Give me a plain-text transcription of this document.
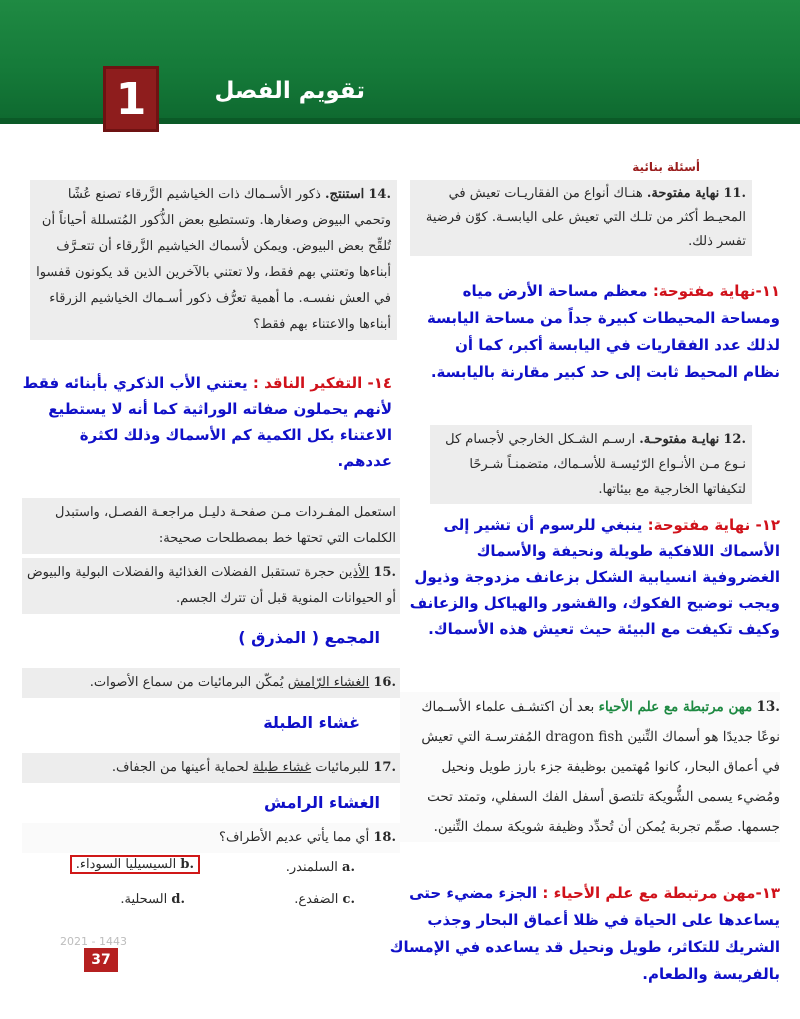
1	تقويم الفصل
أسئلة بنائية
11. نهاية مفتوحة. هنـاك أنواع من الفقاريـات تعيش في المحيـط أكثر من تلـك التي تعيش على اليابسـة. كوّن فرضية تفسر ذلك.
١١-نهاية مفتوحة: معظم مساحة الأرض مياه ومساحة المحيطات كبيرة جداً من مساحة اليابسة لذلك عدد الفقاريات في اليابسة أكبر، كما أن نظام المحيط ثابت إلى حد كبير مقارنة باليابسة.
12. نهايـة مفتوحـة. ارسـم الشـكل الخارجي لأجسام كل نـوع مـن الأنـواع الرّئيسـة للأسـماك، متضمنـاً شـرحًا لتكيفاتها الخارجية مع بيئاتها.
١٢- نهاية مفتوحة: ينبغي للرسوم أن تشير إلى الأسماك اللافكية طويلة ونحيفة والأسماك الغضروفية انسيابية الشكل بزعانف مزدوجة وذيول ويجب توضيح الفكوك، والقشور والهياكل والزعانف وكيف تكيفت مع البيئة حيث تعيش هذه الأسماك.
13. مهن مرتبطة مع علم الأحياء بعد أن اكتشـف علماء الأسـماك نوعًا جديدًا هو أسماك التِّنين dragon fish المُفترسـة التي تعيش في أعماق البحار، كانوا مُهتمين بوظيفة جزء بارز طويل ونحيل ومُضيء يسمى الشُّويكة تلتصق أسفل الفك السفلي، وتمتد تحت جسمها. صمِّم تجربة يُمكن أن تُحدِّد وظيفة شويكة سمك التِّنين.
١٣-مهن مرتبطة مع علم الأحياء : الجزء مضيء حتى يساعدها على الحياة في ظلا أعماق البحار وجذب الشريك للتكاثر، طويل ونحيل قد يساعده في الإمساك بالفريسة والطعام.
14. استنتج. ذكور الأسـماك ذات الخياشيم الزَّرقاء تصنع عُشًا وتحمي البيوض وصغارها. وتستطيع بعض الذُّكور المُتسللة أحياناً أن تُلقِّح بعض البيوض. ويمكن لأسماك الخياشيم الزَّرقاء أن تتعـرَّف أبناءها وتعتني بهم فقط، ولا تعتني بالآخرين الذين قد يكونون قفسوا في العش نفسـه. ما أهمية تعرُّف ذكور أسـماك الخياشيم الزرقاء أبناءها والاعتناء بهم فقط؟
١٤- التفكير الناقد : يعتني الأب الذكري بأبنائه فقط لأنهم يحملون صفاته الوراثية كما أنه لا يستطيع الاعتناء بكل الكمية كم الأسماك وذلك لكثرة عددهم.
استعمل المفـردات مـن صفحـة دليـل مراجعـة الفصـل، واستبدل الكلمات التي تحتها خط بمصطلحات صحيحة:
15. الأذين حجرة تستقبل الفضلات الغذائية والفضلات البولية والبيوض أو الحيوانات المنوية قبل أن تترك الجسم.
المجمع ( المذرق )
16. الغشاء الرّامش يُمكّن البرمائيات من سماع الأصوات.
غشاء الطبلة
17. للبرمائيات غشاء طبلة لحماية أعينها من الجفاف.
الغشاء الرامش
18. أي مما يأتي عديم الأطراف؟
a. السلمندر.
b. السيسيليا السوداء.
c. الضفدع.
d. السحلية.
2021 - 1443
37
